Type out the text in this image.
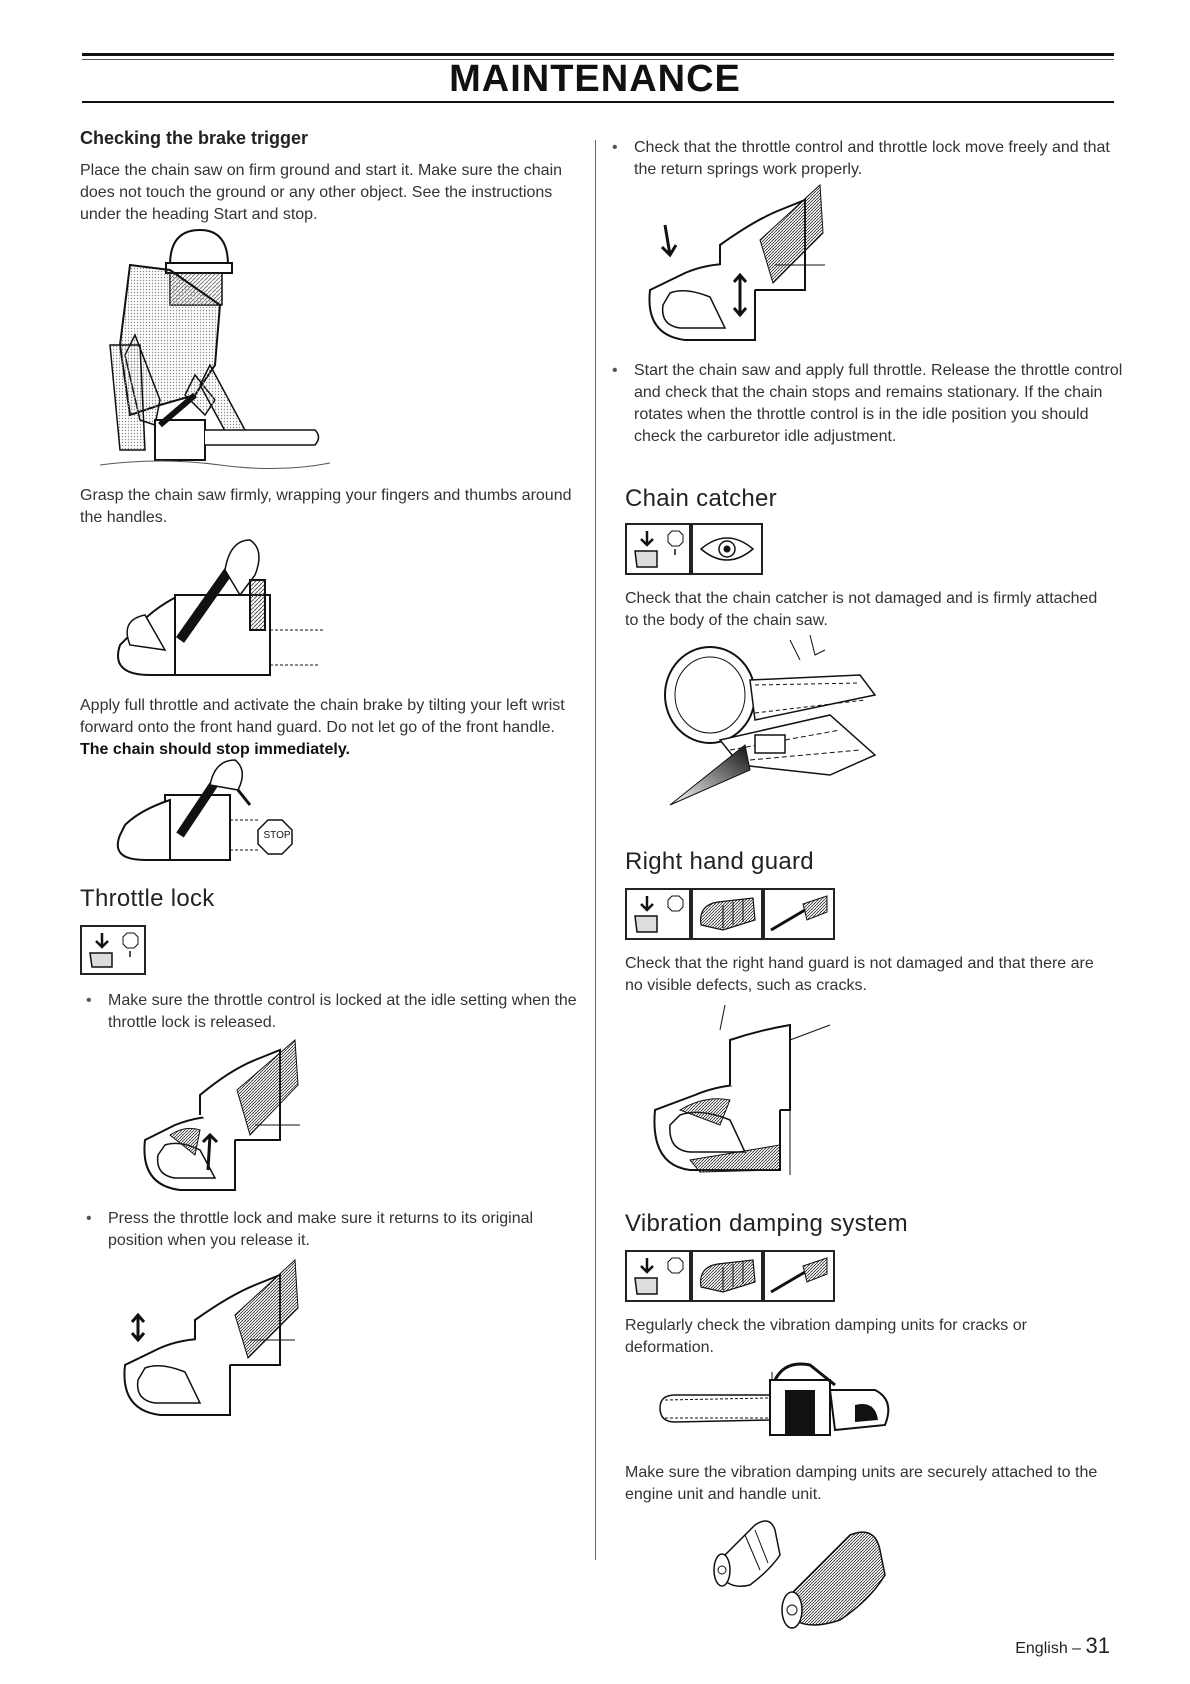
MAINTENANCE
Checking the brake trigger
Place the chain saw on firm ground and start it. Make sure the chain does not touch the ground or any other object. See the instructions under the heading Start and stop.
Grasp the chain saw firmly, wrapping your fingers and thumbs around the handles.
Apply full throttle and activate the chain brake by tilting your left wrist forward onto the front hand guard. Do not let go of the front handle. The chain should stop immediately.
STOP
Throttle lock
• Make sure the throttle control is locked at the idle setting when the throttle lock is released.
• Press the throttle lock and make sure it returns to its original position when you release it.
• Check that the throttle control and throttle lock move freely and that the return springs work properly.
• Start the chain saw and apply full throttle. Release the throttle control and check that the chain stops and remains stationary. If the chain rotates when the throttle control is in the idle position you should check the carburetor idle adjustment.
Chain catcher
Check that the chain catcher is not damaged and is firmly attached to the body of the chain saw.
Right hand guard
Check that the right hand guard is not damaged and that there are no visible defects, such as cracks.
Vibration damping system
Regularly check the vibration damping units for cracks or deformation.
Make sure the vibration damping units are securely attached to the engine unit and handle unit.
English – 31
